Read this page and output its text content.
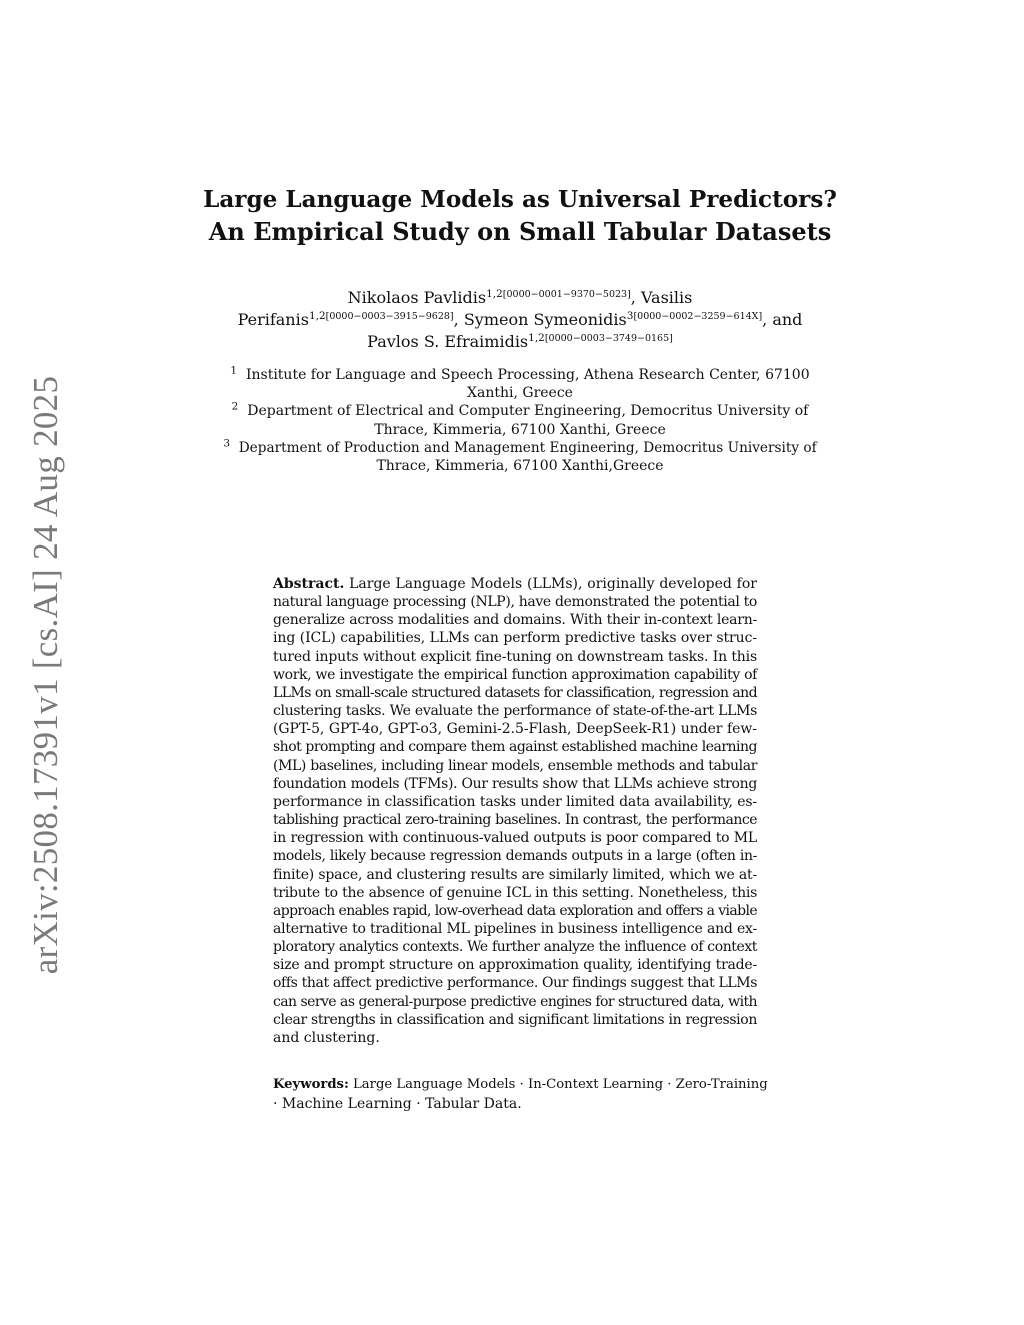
arXiv:2508.17391v1 [cs.AI] 24 Aug 2025
Large Language Models as Universal Predictors?
An Empirical Study on Small Tabular Datasets
Nikolaos Pavlidis$^{1,2[0000-0001-9370-5023]}$, Vasilis
Perifanis$^{1,2[0000-0003-3915-9628]}$, Symeon Symeonidis$^{3[0000-0002-3259-614X]}$, and
Pavlos S. Efraimidis$^{1,2[0000-0003-3749-0165]}$
$^1$ Institute for Language and Speech Processing, Athena Research Center, 67100
Xanthi, Greece
$^2$ Department of Electrical and Computer Engineering, Democritus University of
Thrace, Kimmeria, 67100 Xanthi, Greece
$^3$ Department of Production and Management Engineering, Democritus University of
Thrace, Kimmeria, 67100 Xanthi,Greece
Abstract. Large Language Models (LLMs), originally developed for
natural language processing (NLP), have demonstrated the potential to
generalize across modalities and domains. With their in-context learn-
ing (ICL) capabilities, LLMs can perform predictive tasks over struc-
tured inputs without explicit fine-tuning on downstream tasks. In this
work, we investigate the empirical function approximation capability of
LLMs on small-scale structured datasets for classification, regression and
clustering tasks. We evaluate the performance of state-of-the-art LLMs
(GPT-5, GPT-4o, GPT-o3, Gemini-2.5-Flash, DeepSeek-R1) under few-
shot prompting and compare them against established machine learning
(ML) baselines, including linear models, ensemble methods and tabular
foundation models (TFMs). Our results show that LLMs achieve strong
performance in classification tasks under limited data availability, es-
tablishing practical zero-training baselines. In contrast, the performance
in regression with continuous-valued outputs is poor compared to ML
models, likely because regression demands outputs in a large (often in-
finite) space, and clustering results are similarly limited, which we at-
tribute to the absence of genuine ICL in this setting. Nonetheless, this
approach enables rapid, low-overhead data exploration and offers a viable
alternative to traditional ML pipelines in business intelligence and ex-
ploratory analytics contexts. We further analyze the influence of context
size and prompt structure on approximation quality, identifying trade-
offs that affect predictive performance. Our findings suggest that LLMs
can serve as general-purpose predictive engines for structured data, with
clear strengths in classification and significant limitations in regression
and clustering.
Keywords: Large Language Models · In-Context Learning · Zero-Training
· Machine Learning · Tabular Data.
